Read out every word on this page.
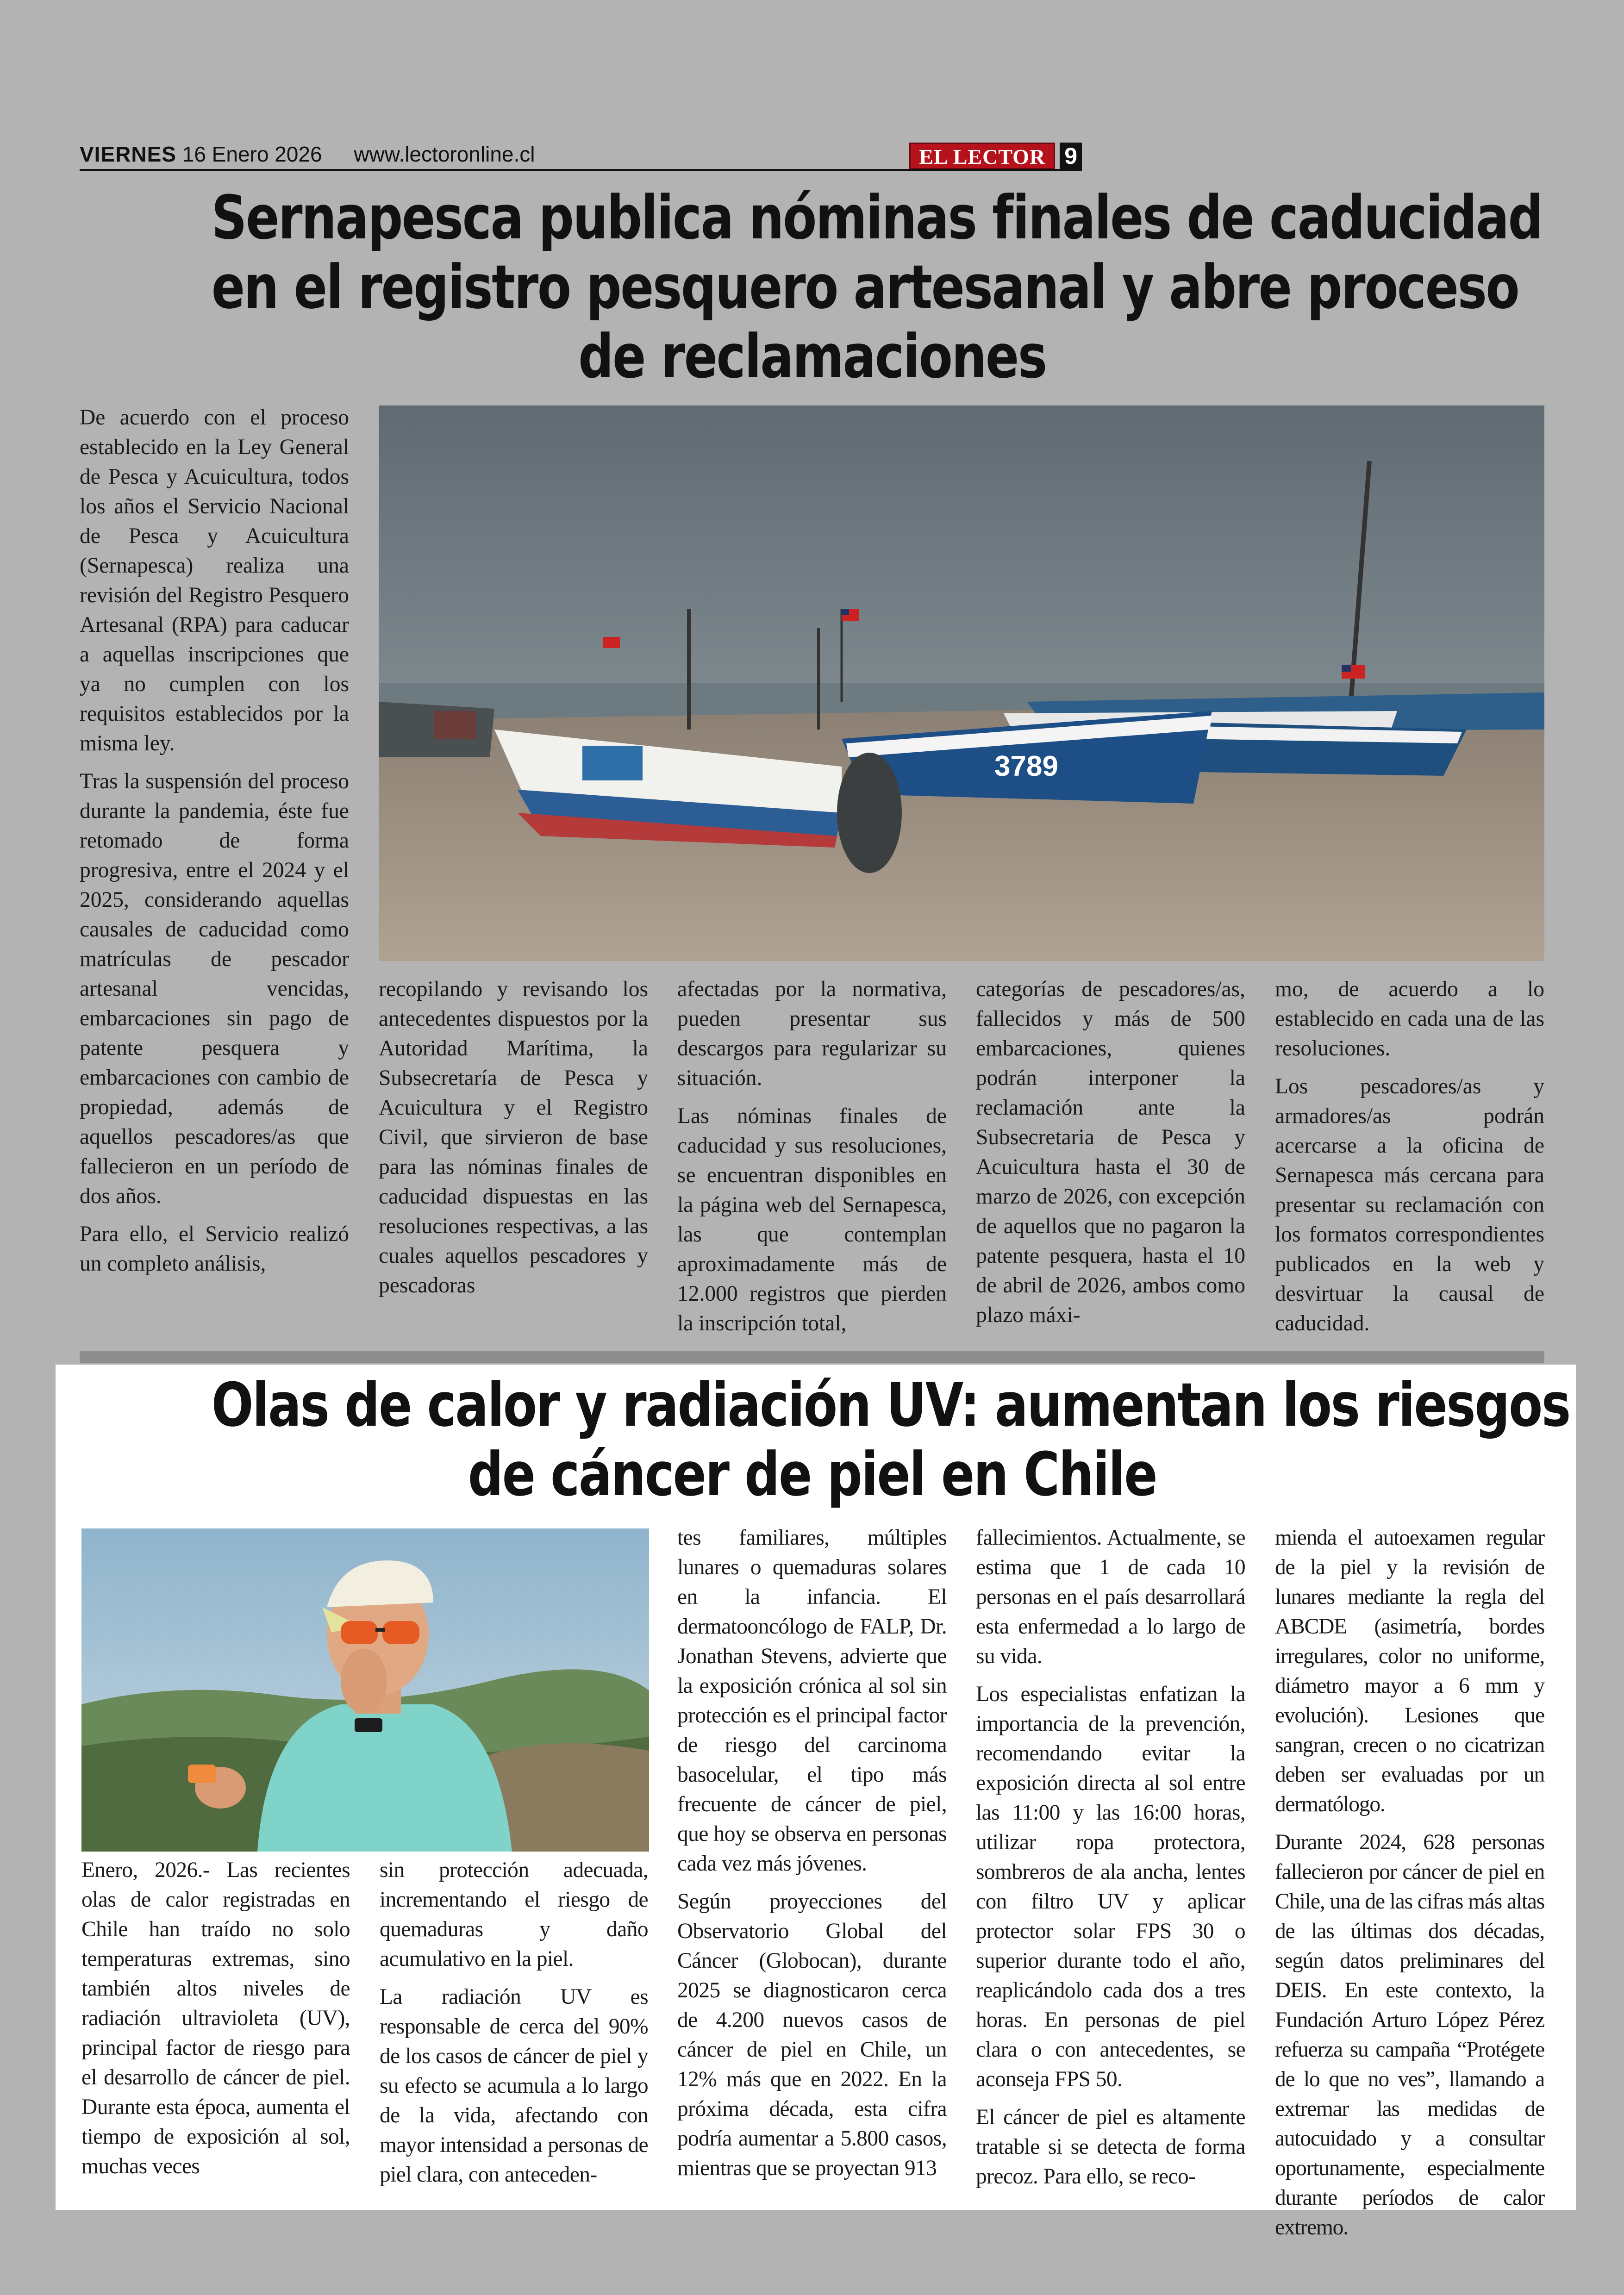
VIERNES 16 Enero 2026 www.lectoronline.cl	EL LECTOR 9
Sernapesca publica nóminas finales de caducidad
en el registro pesquero artesanal y abre proceso
de reclamaciones
3789

De acuerdo con el proceso establecido en la Ley General de Pesca y Acuicultura, todos los años el Servicio Nacional de Pesca y Acuicultura (Sernapesca) realiza una revisión del Registro Pesquero Artesanal (RPA) para caducar a aquellas inscripciones que ya no cumplen con los requisitos establecidos por la misma ley.

Tras la suspensión del proceso durante la pandemia, éste fue retomado de forma progresiva, entre el 2024 y el 2025, considerando aquellas causales de caducidad como matrículas de pescador artesanal vencidas, embarcaciones sin pago de patente pesquera y embarcaciones con cambio de propiedad, además de aquellos pescadores/as que fallecieron en un período de dos años.

Para ello, el Servicio realizó un completo análisis,

recopilando y revisando los antecedentes dispuestos por la Autoridad Marítima, la Subsecretaría de Pesca y Acuicultura y el Registro Civil, que sirvieron de base para las nóminas finales de caducidad dispuestas en las resoluciones respectivas, a las cuales aquellos pescadores y pescadoras

afectadas por la normativa, pueden presentar sus descargos para regularizar su situación.

Las nóminas finales de caducidad y sus resoluciones, se encuentran disponibles en la página web del Sernapesca, las que contemplan aproximadamente más de 12.000 registros que pierden la inscripción total,

categorías de pescadores/as, fallecidos y más de 500 embarcaciones, quienes podrán interponer la reclamación ante la Subsecretaria de Pesca y Acuicultura hasta el 30 de marzo de 2026, con excepción de aquellos que no pagaron la patente pesquera, hasta el 10 de abril de 2026, ambos como plazo máxi-

mo, de acuerdo a lo establecido en cada una de las resoluciones.

Los pescadores/as y armadores/as podrán acercarse a la oficina de Sernapesca más cercana para presentar su reclamación con los formatos correspondientes publicados en la web y desvirtuar la causal de caducidad.

Olas de calor y radiación UV: aumentan los riesgos
de cáncer de piel en Chile

Enero, 2026.- Las recientes olas de calor registradas en Chile han traído no solo temperaturas extremas, sino también altos niveles de radiación ultravioleta (UV), principal factor de riesgo para el desarrollo de cáncer de piel. Durante esta época, aumenta el tiempo de exposición al sol, muchas veces

sin protección adecuada, incrementando el riesgo de quemaduras y daño acumulativo en la piel.

La radiación UV es responsable de cerca del 90% de los casos de cáncer de piel y su efecto se acumula a lo largo de la vida, afectando con mayor intensidad a personas de piel clara, con anteceden-

tes familiares, múltiples lunares o quemaduras solares en la infancia. El dermatooncólogo de FALP, Dr. Jonathan Stevens, advierte que la exposición crónica al sol sin protección es el principal factor de riesgo del carcinoma basocelular, el tipo más frecuente de cáncer de piel, que hoy se observa en personas cada vez más jóvenes.

Según proyecciones del Observatorio Global del Cáncer (Globocan), durante 2025 se diagnosticaron cerca de 4.200 nuevos casos de cáncer de piel en Chile, un 12% más que en 2022. En la próxima década, esta cifra podría aumentar a 5.800 casos, mientras que se proyectan 913

fallecimientos. Actualmente, se estima que 1 de cada 10 personas en el país desarrollará esta enfermedad a lo largo de su vida.

Los especialistas enfatizan la importancia de la prevención, recomendando evitar la exposición directa al sol entre las 11:00 y las 16:00 horas, utilizar ropa protectora, sombreros de ala ancha, lentes con filtro UV y aplicar protector solar FPS 30 o superior durante todo el año, reaplicándolo cada dos a tres horas. En personas de piel clara o con antecedentes, se aconseja FPS 50.

El cáncer de piel es altamente tratable si se detecta de forma precoz. Para ello, se reco-

mienda el autoexamen regular de la piel y la revisión de lunares mediante la regla del ABCDE (asimetría, bordes irregulares, color no uniforme, diámetro mayor a 6 mm y evolución). Lesiones que sangran, crecen o no cicatrizan deben ser evaluadas por un dermatólogo.

Durante 2024, 628 personas fallecieron por cáncer de piel en Chile, una de las cifras más altas de las últimas dos décadas, según datos preliminares del DEIS. En este contexto, la Fundación Arturo López Pérez refuerza su campaña “Protégete de lo que no ves”, llamando a extremar las medidas de autocuidado y a consultar oportunamente, especialmente durante períodos de calor extremo.
